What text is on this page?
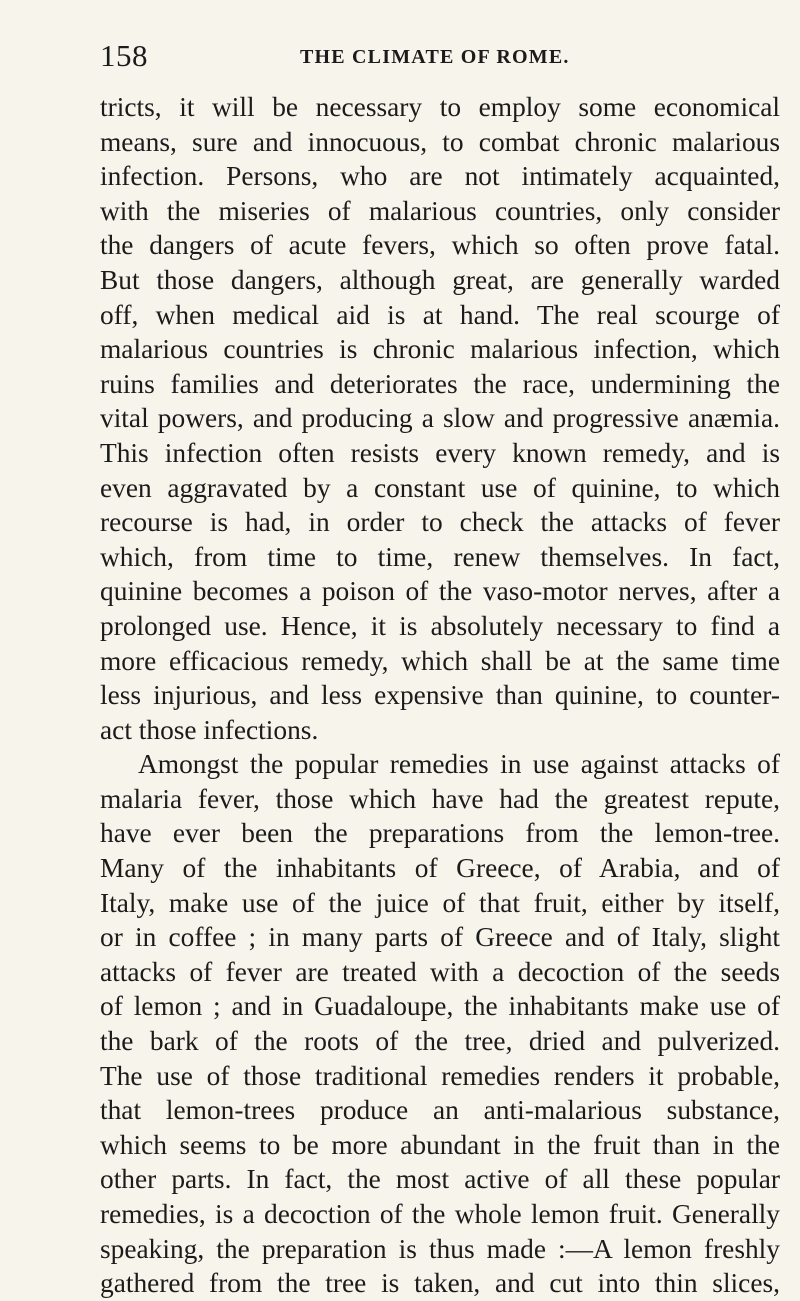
158	THE CLIMATE OF ROME.
tricts, it will be necessary to employ some economical
means, sure and innocuous, to combat chronic malarious
infection. Persons, who are not intimately acquainted,
with the miseries of malarious countries, only consider
the dangers of acute fevers, which so often prove fatal.
But those dangers, although great, are generally warded
off, when medical aid is at hand. The real scourge of
malarious countries is chronic malarious infection, which
ruins families and deteriorates the race, undermining the
vital powers, and producing a slow and progressive anæmia.
This infection often resists every known remedy, and is
even aggravated by a constant use of quinine, to which
recourse is had, in order to check the attacks of fever
which, from time to time, renew themselves. In fact,
quinine becomes a poison of the vaso-motor nerves, after a
prolonged use. Hence, it is absolutely necessary to find a
more efficacious remedy, which shall be at the same time
less injurious, and less expensive than quinine, to counter-
act those infections.
Amongst the popular remedies in use against attacks of
malaria fever, those which have had the greatest repute,
have ever been the preparations from the lemon-tree.
Many of the inhabitants of Greece, of Arabia, and of
Italy, make use of the juice of that fruit, either by itself,
or in coffee ; in many parts of Greece and of Italy, slight
attacks of fever are treated with a decoction of the seeds
of lemon ; and in Guadaloupe, the inhabitants make use of
the bark of the roots of the tree, dried and pulverized.
The use of those traditional remedies renders it probable,
that lemon-trees produce an anti-malarious substance,
which seems to be more abundant in the fruit than in the
other parts. In fact, the most active of all these popular
remedies, is a decoction of the whole lemon fruit. Generally
speaking, the preparation is thus made :—A lemon freshly
gathered from the tree is taken, and cut into thin slices,
